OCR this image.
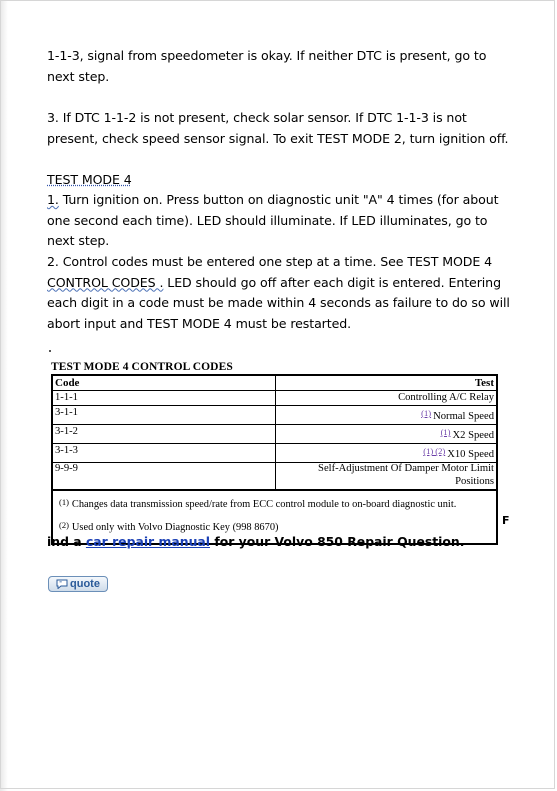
1-1-3, signal from speedometer is okay. If neither DTC is present, go to next step.
3. If DTC 1-1-2 is not present, check solar sensor. If DTC 1-1-3 is not present, check speed sensor signal. To exit TEST MODE 2, turn ignition off.
TEST MODE 4
1. Turn ignition on. Press button on diagnostic unit "A" 4 times (for about one second each time). LED should illuminate. If LED illuminates, go to next step.
2. Control codes must be entered one step at a time. See TEST MODE 4 CONTROL CODES . LED should go off after each digit is entered. Entering each digit in a code must be made within 4 seconds as failure to do so will abort input and TEST MODE 4 must be restarted.
TEST MODE 4 CONTROL CODES
Code	Test
1-1-1	Controlling A/C Relay
3-1-1	$^{(1)}$ Normal Speed
3-1-2	$^{(1)}$ X2 Speed
3-1-3	$^{(1) (2)}$ X10 Speed
9-9-9	Self-Adjustment Of Damper Motor Limit Positions
(1) Changes data transmission speed/rate from ECC control module to on-board diagnostic unit.
(2) Used only with Volvo Diagnostic Key (998 8670)
F
ind a car repair manual for your Volvo 850 Repair Question.
" quote
